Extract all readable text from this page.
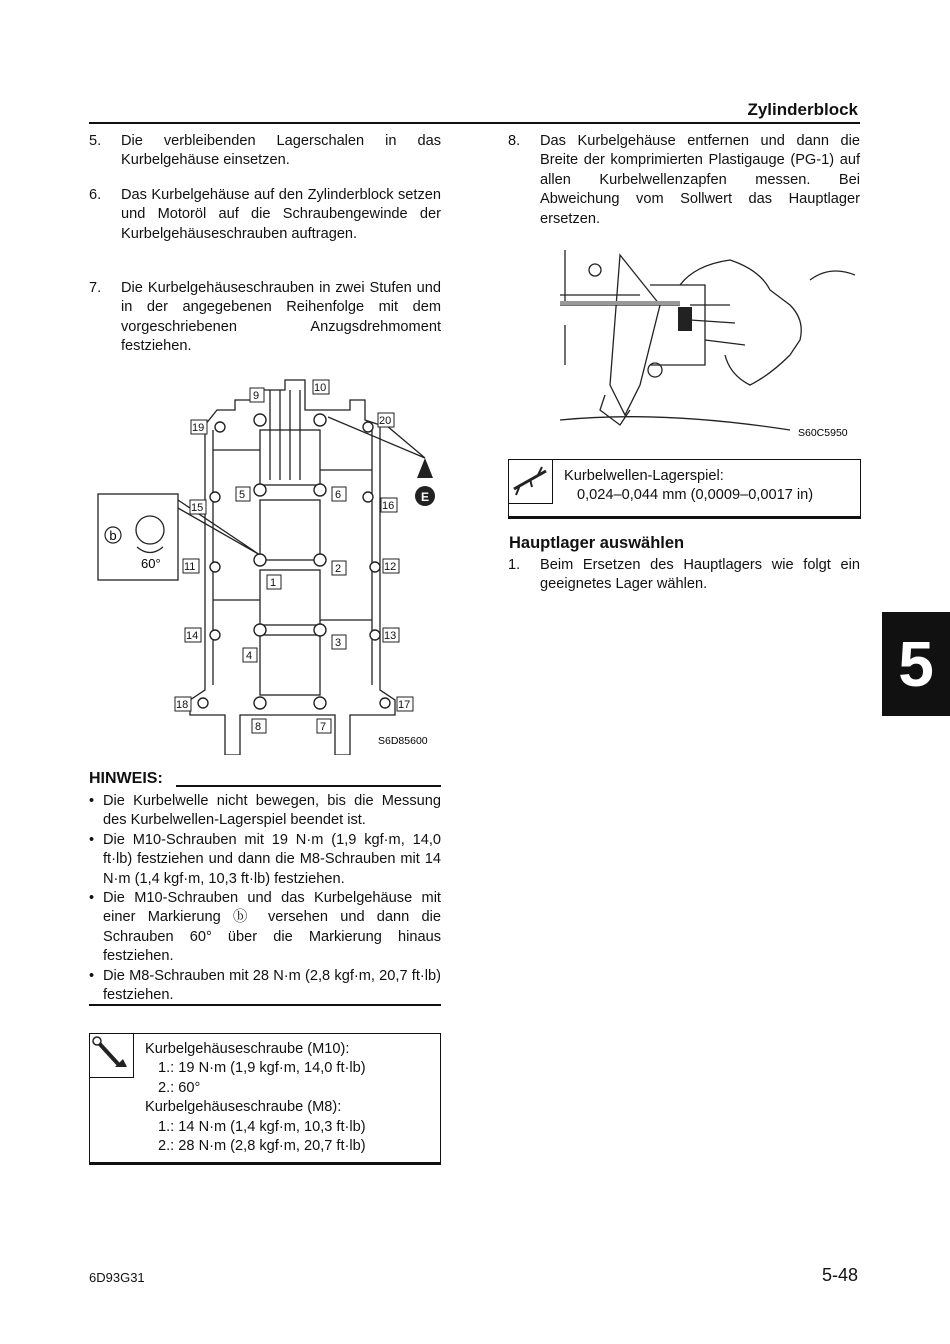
Zylinderblock
5. Die verbleibenden Lagerschalen in das Kurbelgehäuse einsetzen.
6. Das Kurbelgehäuse auf den Zylinderblock setzen und Motoröl auf die Schraubengewinde der Kurbelgehäuseschrauben auftragen.
7. Die Kurbelgehäuseschrauben in zwei Stufen und in der angegebenen Reihenfolge mit dem vorgeschriebenen Anzugsdrehmoment festziehen.
E
b
60°
1
2
3
4
5	6
7
8
9
10
11	12
13
14
15	16
17
18
19
20
S6D85600
HINWEIS:
• Die Kurbelwelle nicht bewegen, bis die Messung des Kurbelwellen-Lagerspiel beendet ist.
• Die M10-Schrauben mit 19 N·m (1,9 kgf·m, 14,0 ft·lb) festziehen und dann die M8-Schrauben mit 14 N·m (1,4 kgf·m, 10,3 ft·lb) festziehen.
• Die M10-Schrauben und das Kurbelgehäuse mit einer Markierung ⓑ versehen und dann die Schrauben 60° über die Markierung hinaus festziehen.
• Die M8-Schrauben mit 28 N·m (2,8 kgf·m, 20,7 ft·lb) festziehen.
Kurbelgehäuseschraube (M10):
1.: 19 N·m (1,9 kgf·m, 14,0 ft·lb)
2.: 60°
Kurbelgehäuseschraube (M8):
1.: 14 N·m (1,4 kgf·m, 10,3 ft·lb)
2.: 28 N·m (2,8 kgf·m, 20,7 ft·lb)
8. Das Kurbelgehäuse entfernen und dann die Breite der komprimierten Plastigauge (PG-1) auf allen Kurbelwellenzapfen messen. Bei Abweichung vom Sollwert das Hauptlager ersetzen.
S60C5950
Kurbelwellen-Lagerspiel:
0,024–0,044 mm (0,0009–0,0017 in)
Hauptlager auswählen
1. Beim Ersetzen des Hauptlagers wie folgt ein geeignetes Lager wählen.
5
6D93G31	5-48
